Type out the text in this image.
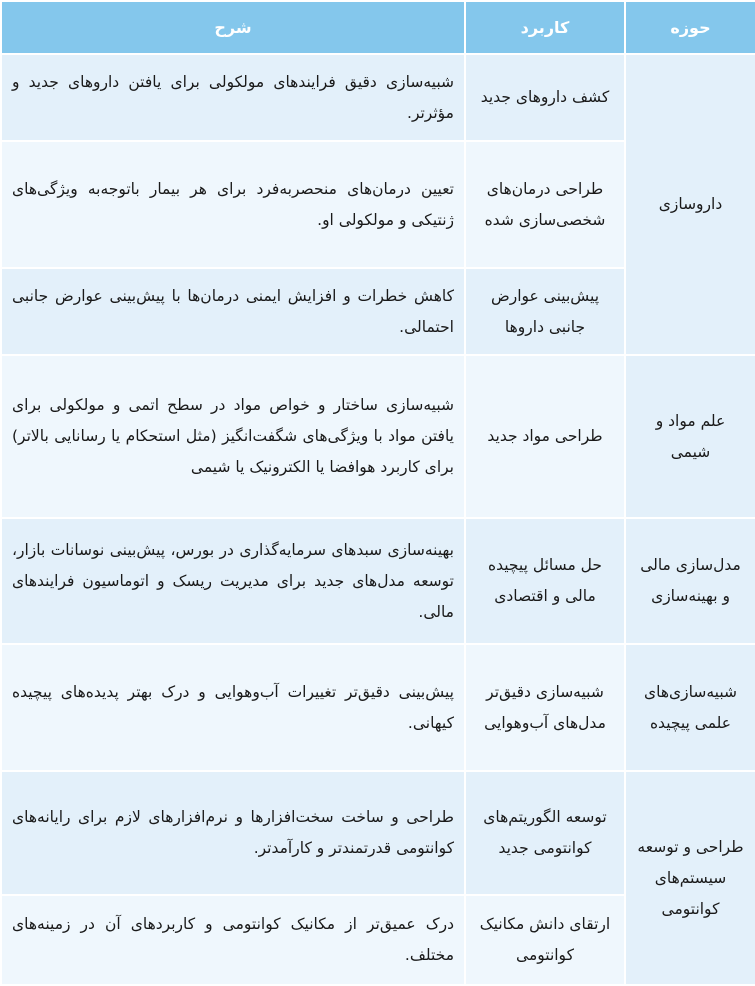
حوزه	کاربرد	شرح
داروسازی	کشف داروهای جدید	شبیه‌سازی دقیق فرایندهای مولکولی برای یافتن داروهای جدید و مؤثرتر.
	طراحی درمان‌های شخصی‌سازی شده	تعیین درمان‌های منحصربه‌فرد برای هر بیمار باتوجه‌به ویژگی‌های ژنتیکی و مولکولی او.
	پیش‌بینی عوارض جانبی داروها	کاهش خطرات و افزایش ایمنی درمان‌ها با پیش‌بینی عوارض جانبی احتمالی.
علم مواد و شیمی	طراحی مواد جدید	شبیه‌سازی ساختار و خواص مواد در سطح اتمی و مولکولی برای یافتن مواد با ویژگی‌های شگفت‌انگیز (مثل استحکام یا رسانایی بالاتر) برای کاربرد هوافضا یا الکترونیک یا شیمی
مدل‌سازی مالی و بهینه‌سازی	حل مسائل پیچیده مالی و اقتصادی	بهینه‌سازی سبدهای سرمایه‌گذاری در بورس، پیش‌بینی نوسانات بازار، توسعه مدل‌های جدید برای مدیریت ریسک و اتوماسیون فرایندهای مالی.
شبیه‌سازی‌های علمی پیچیده	شبیه‌سازی دقیق‌تر مدل‌های آب‌وهوایی	پیش‌بینی دقیق‌تر تغییرات آب‌وهوایی و درک بهتر پدیده‌های پیچیده کیهانی.
طراحی و توسعه سیستم‌های کوانتومی	توسعه الگوریتم‌های کوانتومی جدید	طراحی و ساخت سخت‌افزارها و نرم‌افزارهای لازم برای رایانه‌های کوانتومی قدرتمندتر و کارآمدتر.
	ارتقای دانش مکانیک کوانتومی	درک عمیق‌تر از مکانیک کوانتومی و کاربردهای آن در زمینه‌های مختلف.
